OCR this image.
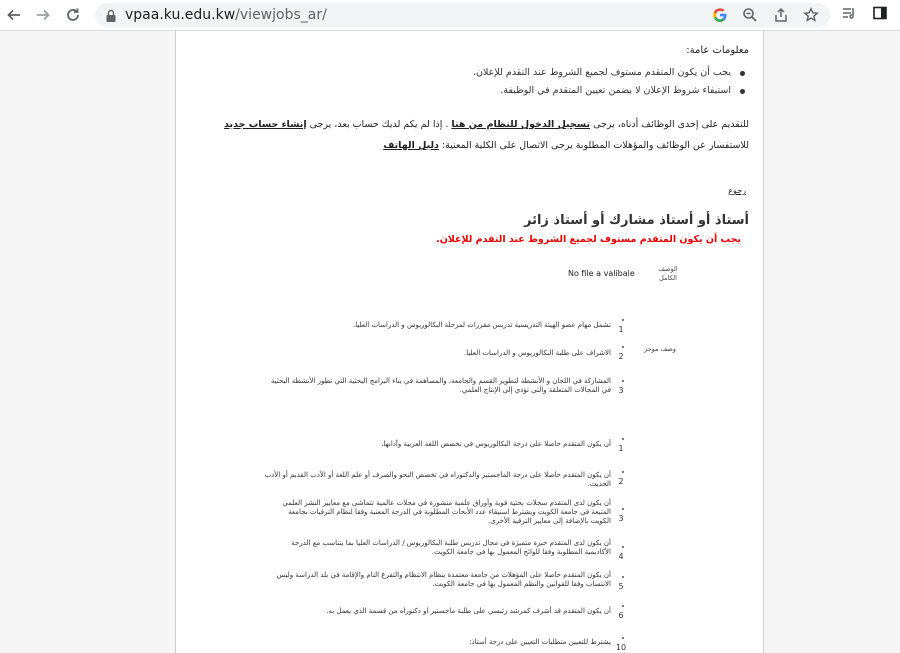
vpaa.ku.edu.kw/viewjobs_ar/
معلومات عامة:
يجب أن يكون المتقدم مستوف لجميع الشروط عند التقدم للإعلان.
استيفاء شروط الإعلان لا يضمن تعيين المتقدم في الوظيفة.
للتقديم على إحدى الوظائف أدناه، يرجى تسجيل الدخول للنظام من هنا . إذا لم يكم لديك حساب بعد، يرجى إنشاء حساب جديد
للاستفسار عن الوظائف والمؤهلات المطلوبة يرجى الاتصال على الكلية المعنية: دليل الهاتف
رجوع
أستاذ أو أستاذ مشارك أو أستاذ زائر
يجب أن يكون المتقدم مستوف لجميع الشروط عند التقدم للإعلان.
الوصف الكامل
No file a valibale
وصف موجز
1
تشمل مهام عضو الهيئة التدريسية تدريس مقررات لمرحلة البكالوريوس و الدراسات العليا.
2
الاشراف على طلبة البكالوريوس و الدراسات العليا.
3
المشاركة في اللجان و الأنشطة لتطوير القسم والجامعة، والمساهمة في بناء البرامج البحثية التي تطور الأنشطة البحثية في المجالات المتعلقة والتي تؤدي إلى الإنتاج العلمي.
1
أن يكون المتقدم حاصلا على درجة البكالوريوس في تخصص اللغة العربية وآدابها.
2
أن يكون المتقدم حاصلا على درجة الماجستير والدكتوراه في تخصص النحو والصرف أو علم اللغة أو الأدب القديم أو الأدب الحديث.
3
أن يكون لدى المتقدم سجلات بحثية قوية وأوراق علمية منشورة في مجلات عالمية تتماشى مع معايير النشر العلمي المتبعة في جامعة الكويت ويشترط استيفاء عدد الأبحاث المطلوبة في الدرجة المعنية وفقا لنظام الترقيات بجامعة الكويت بالإضافة إلى معايير الترقية الأخرى.
4
أن يكون لدى المتقدم خبرة متميزة في مجال تدريس طلبة البكالوريوس / الدراسات العليا بما يتناسب مع الدرجة الأكاديمية المطلوبة وفقا للوائح المعمول بها في جامعة الكويت.
5
أن يكون المتقدم حاصلا على المؤهلات من جامعة معتمدة بنظام الانتظام والتفرغ التام والإقامة في بلد الدراسة وليس الانتساب وفقا للقوانين والنظم المعمول بها في جامعة الكويت.
6
أن يكون المتقدم قد أشرف كمرشد رئيسي على طلبة ماجستير او دكتوراه من قسمة الذي يعمل به.
10
يشترط للتعيين متطلبات التعيين على درجة أستاذ:
